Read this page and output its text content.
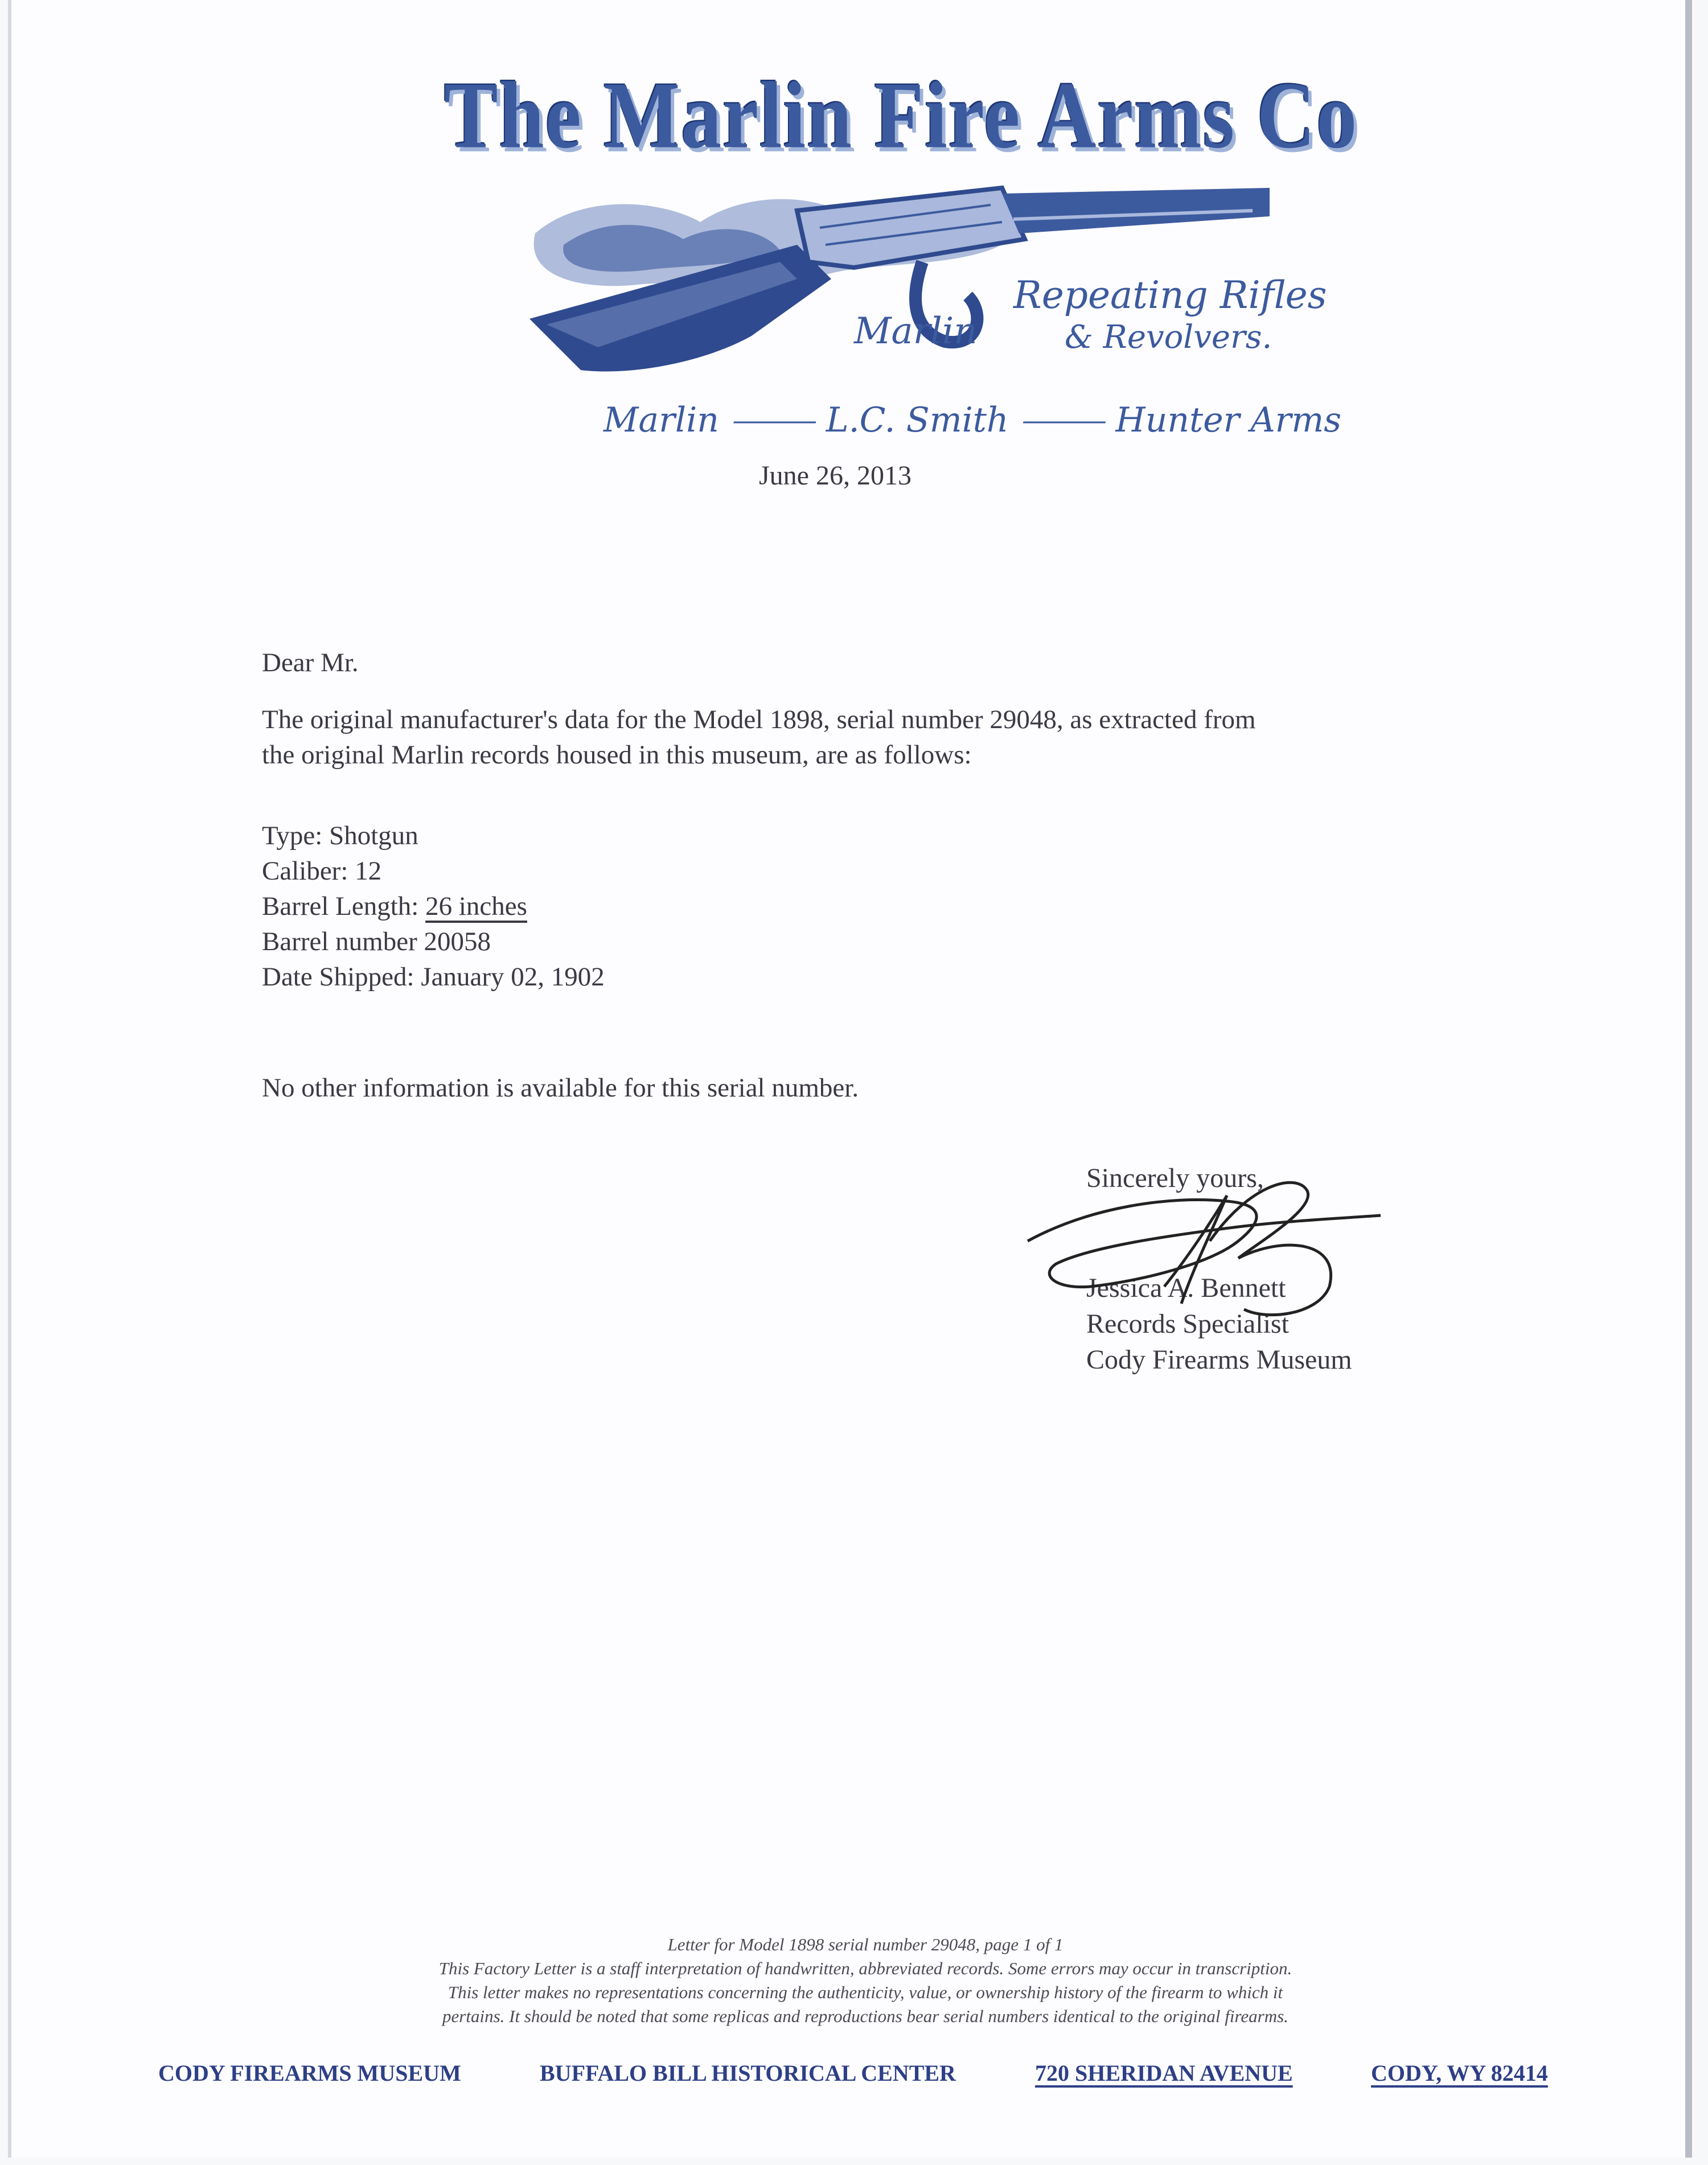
The Marlin Fire Arms Co
Repeating Rifles
& Revolvers.
Marlin
Marlin ⸻ L.C. Smith ⸻ Hunter Arms
June 26, 2013
Dear Mr.
The original manufacturer's data for the Model 1898, serial number 29048, as extracted from
the original Marlin records housed in this museum, are as follows:
Type: Shotgun
Caliber: 12
Barrel Length: 26 inches
Barrel number 20058
Date Shipped: January 02, 1902
No other information is available for this serial number.
Sincerely yours,
Jessica A. Bennett
Records Specialist
Cody Firearms Museum
Letter for Model 1898 serial number 29048, page 1 of 1
This Factory Letter is a staff interpretation of handwritten, abbreviated records. Some errors may occur in transcription.
This letter makes no representations concerning the authenticity, value, or ownership history of the firearm to which it
pertains. It should be noted that some replicas and reproductions bear serial numbers identical to the original firearms.
CODY FIREARMS MUSEUM	BUFFALO BILL HISTORICAL CENTER	720 SHERIDAN AVENUE	CODY, WY 82414
